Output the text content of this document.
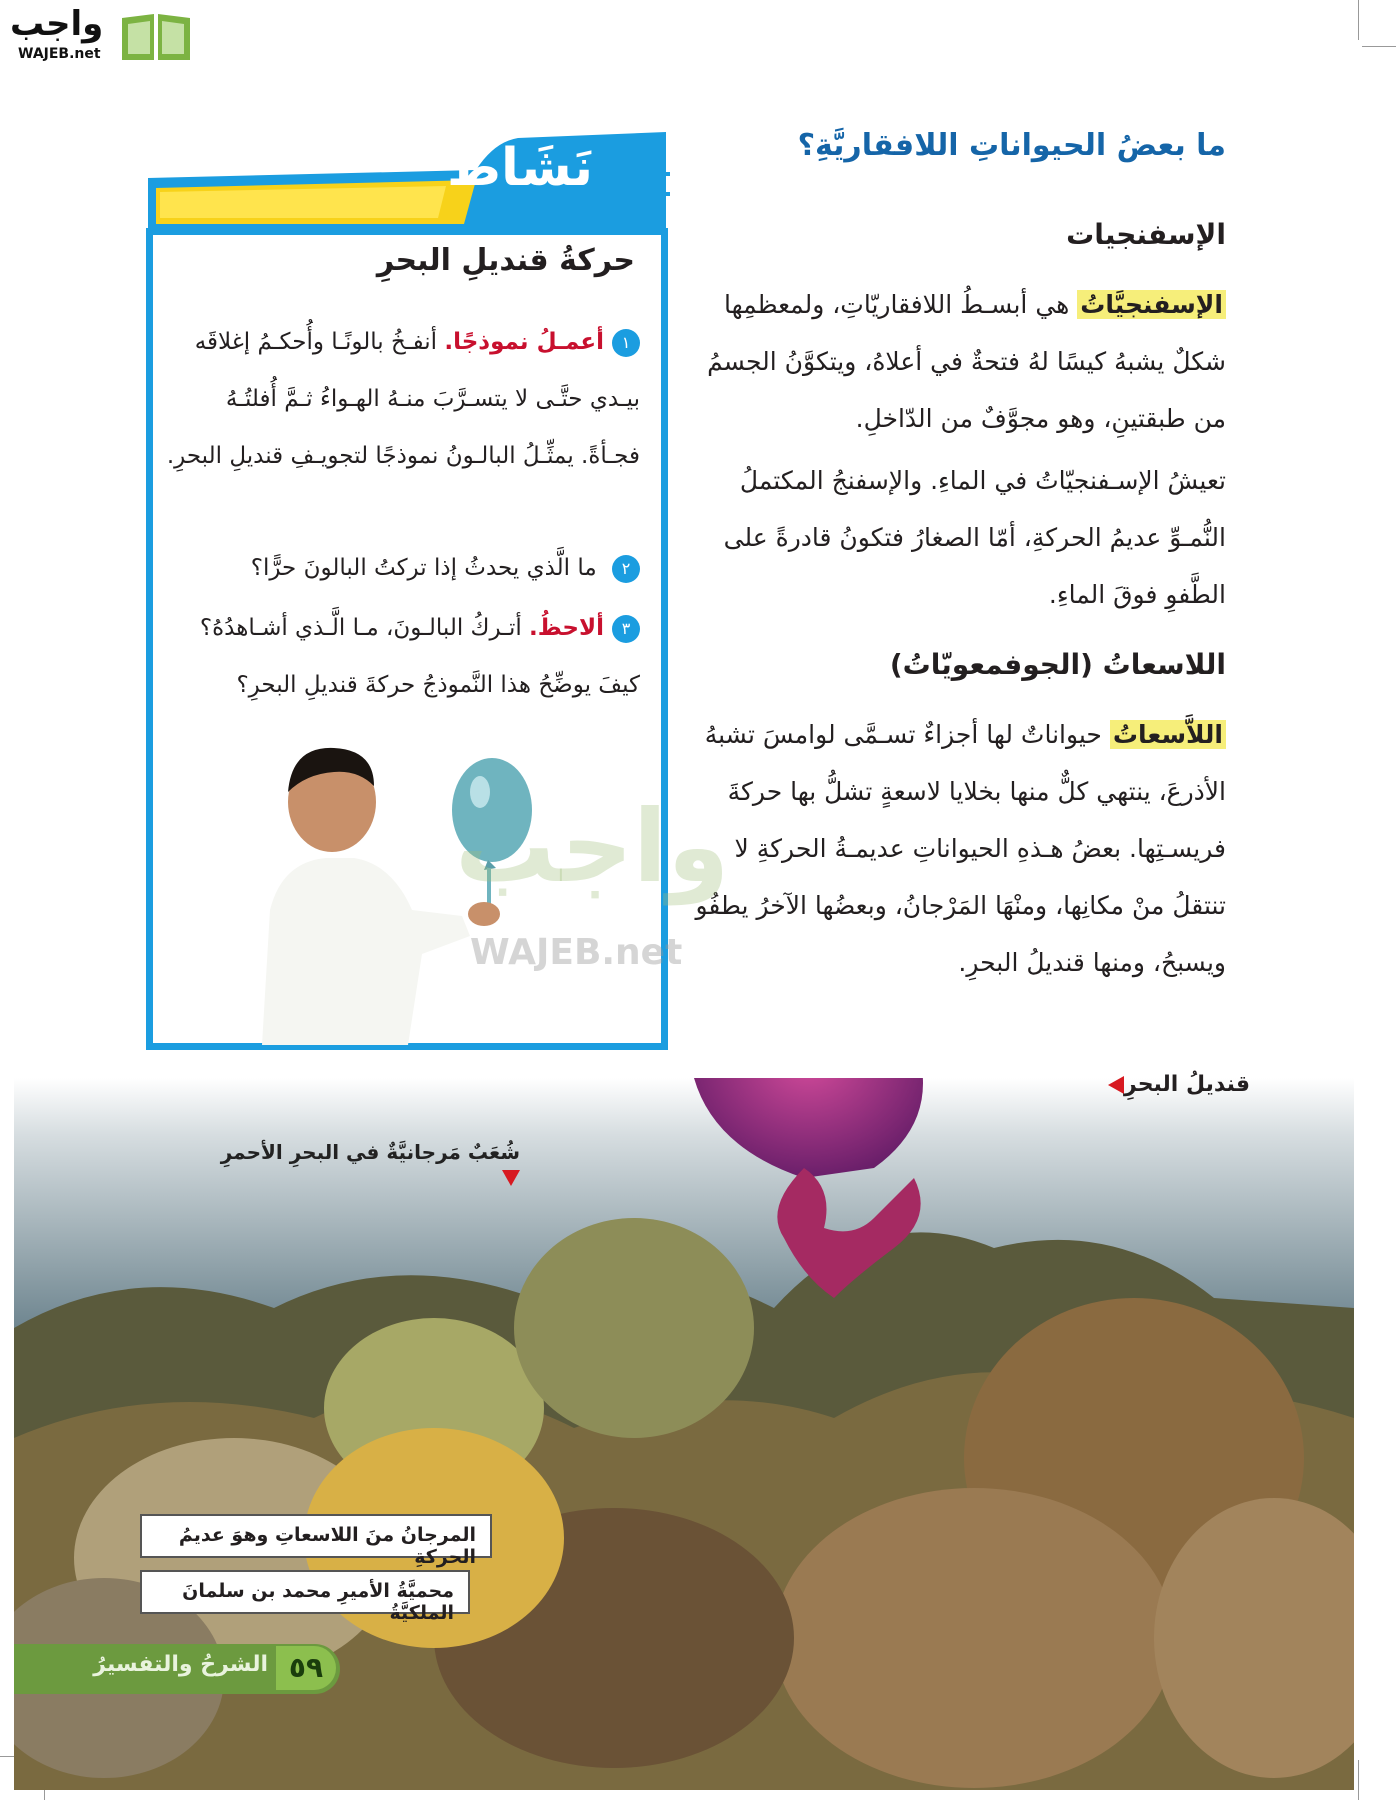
واجب
WAJEB.net
ما بعضُ الحيواناتِ اللافقاريَّةِ؟
الإسفنجيات
الإسفنجيَّاتُ هي أبسـطُ اللافقاريّاتِ، ولمعظمِها شكلٌ يشبهُ كيسًا لهُ فتحةٌ في أعلاهُ، ويتكوَّنُ الجسمُ من طبقتينِ، وهو مجوَّفٌ من الدّاخلِ.
تعيشُ الإسـفنجيّاتُ في الماءِ. والإسفنجُ المكتملُ النُّمـوِّ عديمُ الحركةِ، أمّا الصغارُ فتكونُ قادرةً على الطَّفوِ فوقَ الماءِ.
اللاسعاتُ (الجوفمعويّاتُ)
اللاَّسعاتُ حيواناتٌ لها أجزاءٌ تسـمَّى لوامسَ تشبهُ الأذرعَ، ينتهي كلٌّ منها بخلايا لاسعةٍ تشلُّ بها حركةَ فريسـتِها. بعضُ هـذهِ الحيواناتِ عديمـةُ الحركةِ لا تنتقلُ منْ مكانِها، ومنْهَا المَرْجانُ، وبعضُها الآخرُ يطفُو ويسبحُ، ومنها قنديلُ البحرِ.
نَشَاطُ
حركةُ قنديلِ البحرِ
١أعمـلُ نموذجًا. أنفـخُ بالونًـا وأُحكـمُ إغلاقَه بيـدي حتَّـى لا يتسـرَّبَ منـهُ الهـواءُ ثـمَّ أُفلتُـهُ فجـأةً. يمثِّـلُ البالـونُ نموذجًا لتجويـفِ قنديلِ البحرِ.
٢ ما الَّذي يحدثُ إذا تركتُ البالونَ حرًّا؟
٣ألاحظُ. أتـركُ البالـونَ، مـا الَّـذي أشـاهدُهُ؟ كيفَ يوضِّحُ هذا النَّموذجُ حركةَ قنديلِ البحرِ؟
واجب
WAJEB.net
قنديلُ البحرِ
شُعَبٌ مَرجانيَّةٌ في البحرِ الأحمرِ
المرجانُ منَ اللاسعاتِ وهوَ عديمُ الحركةِ
محميَّةُ الأميرِ محمد بن سلمانَ الملكيَّةُ
٥٩
الشرحُ والتفسيرُ
